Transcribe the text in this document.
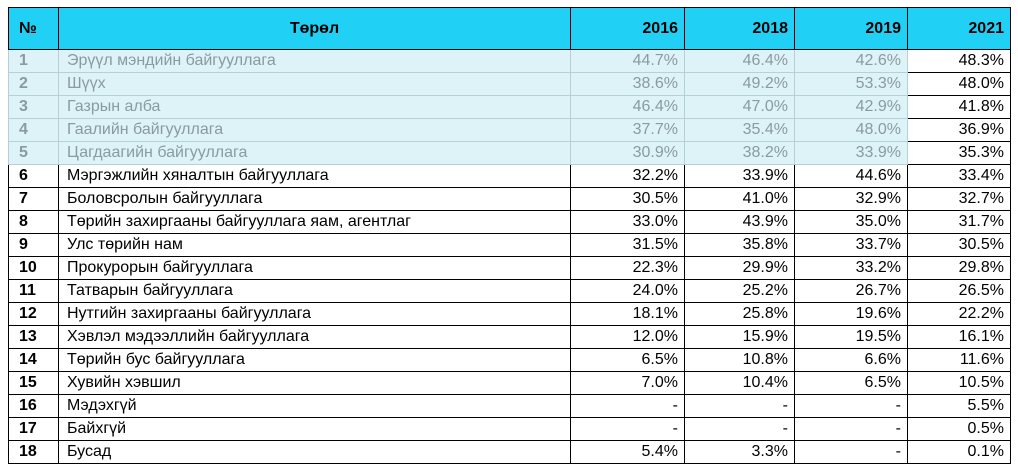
№	Төрөл	2016	2018	2019	2021
1	Эрүүл мэндийн байгууллага	44.7%	46.4%	42.6%	48.3%
2	Шүүх	38.6%	49.2%	53.3%	48.0%
3	Газрын алба	46.4%	47.0%	42.9%	41.8%
4	Гаалийн байгууллага	37.7%	35.4%	48.0%	36.9%
5	Цагдаагийн байгууллага	30.9%	38.2%	33.9%	35.3%
6	Мэргэжлийн хяналтын байгууллага	32.2%	33.9%	44.6%	33.4%
7	Боловсролын байгууллага	30.5%	41.0%	32.9%	32.7%
8	Төрийн захиргааны байгууллага яам, агентлаг	33.0%	43.9%	35.0%	31.7%
9	Улс төрийн нам	31.5%	35.8%	33.7%	30.5%
10	Прокурорын байгууллага	22.3%	29.9%	33.2%	29.8%
11	Татварын байгууллага	24.0%	25.2%	26.7%	26.5%
12	Нутгийн захиргааны байгууллага	18.1%	25.8%	19.6%	22.2%
13	Хэвлэл мэдээллийн байгууллага	12.0%	15.9%	19.5%	16.1%
14	Төрийн бус байгууллага	6.5%	10.8%	6.6%	11.6%
15	Хувийн хэвшил	7.0%	10.4%	6.5%	10.5%
16	Мэдэхгүй	-	-	-	5.5%
17	Байхгүй	-	-	-	0.5%
18	Бусад	5.4%	3.3%	-	0.1%
